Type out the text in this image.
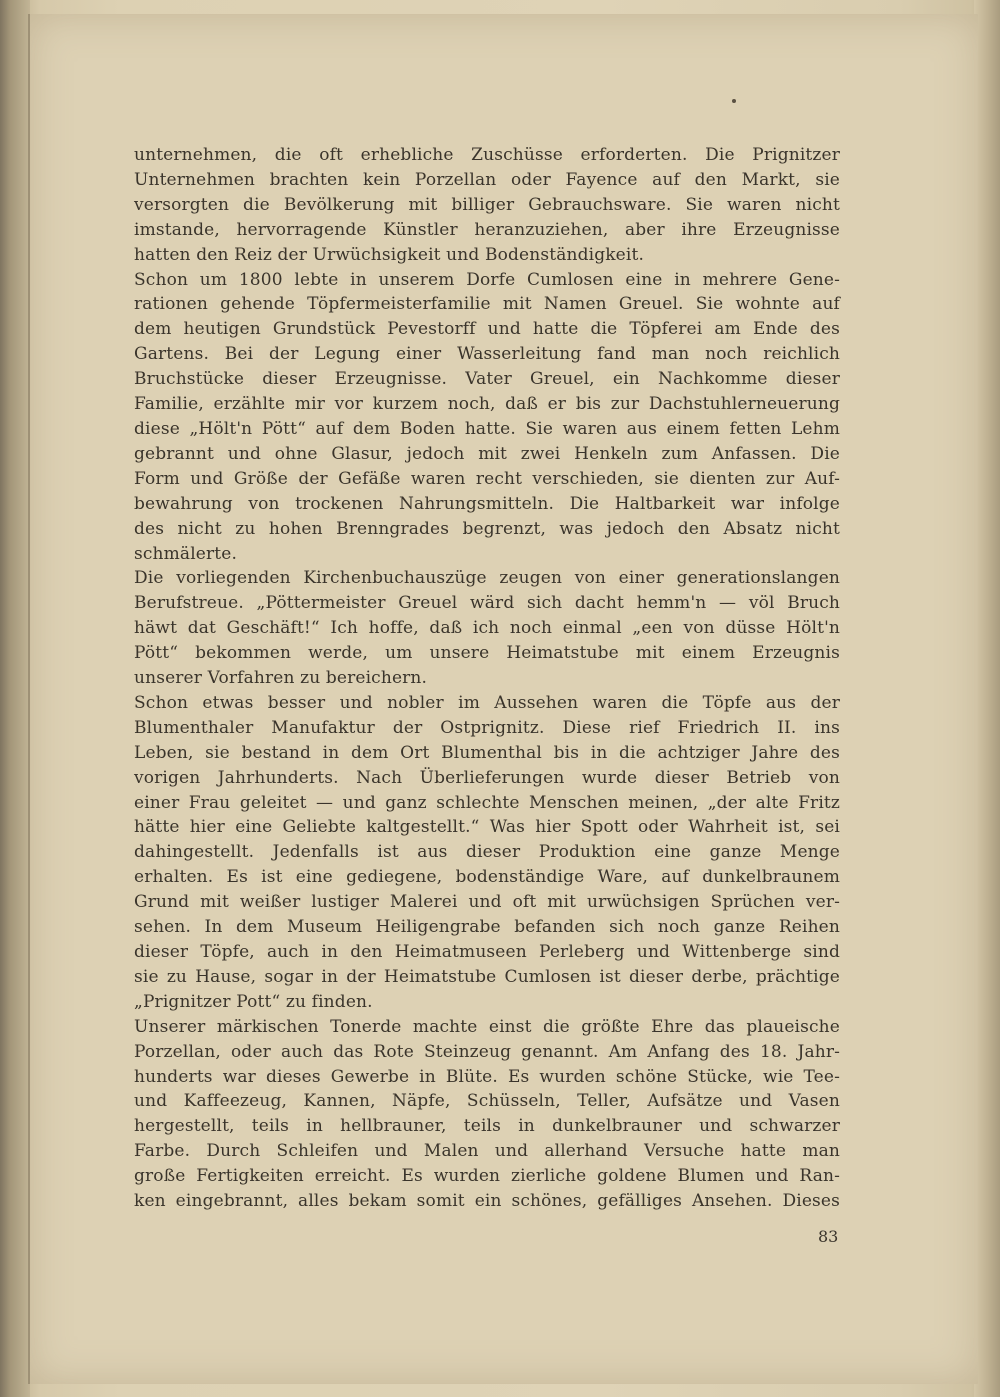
unternehmen, die oft erhebliche Zuschüsse erforderten. Die Prignitzer
Unternehmen brachten kein Porzellan oder Fayence auf den Markt, sie
versorgten die Bevölkerung mit billiger Gebrauchsware. Sie waren nicht
imstande, hervorragende Künstler heranzuziehen, aber ihre Erzeugnisse
hatten den Reiz der Urwüchsigkeit und Bodenständigkeit.
Schon um 1800 lebte in unserem Dorfe Cumlosen eine in mehrere Gene-
rationen gehende Töpfermeisterfamilie mit Namen Greuel. Sie wohnte auf
dem heutigen Grundstück Pevestorff und hatte die Töpferei am Ende des
Gartens. Bei der Legung einer Wasserleitung fand man noch reichlich
Bruchstücke dieser Erzeugnisse. Vater Greuel, ein Nachkomme dieser
Familie, erzählte mir vor kurzem noch, daß er bis zur Dachstuhlerneuerung
diese „Hölt'n Pött“ auf dem Boden hatte. Sie waren aus einem fetten Lehm
gebrannt und ohne Glasur, jedoch mit zwei Henkeln zum Anfassen. Die
Form und Größe der Gefäße waren recht verschieden, sie dienten zur Auf-
bewahrung von trockenen Nahrungsmitteln. Die Haltbarkeit war infolge
des nicht zu hohen Brenngrades begrenzt, was jedoch den Absatz nicht
schmälerte.
Die vorliegenden Kirchenbuchauszüge zeugen von einer generationslangen
Berufstreue. „Pöttermeister Greuel wärd sich dacht hemm'n — völ Bruch
häwt dat Geschäft!“ Ich hoffe, daß ich noch einmal „een von düsse Hölt'n
Pött“ bekommen werde, um unsere Heimatstube mit einem Erzeugnis
unserer Vorfahren zu bereichern.
Schon etwas besser und nobler im Aussehen waren die Töpfe aus der
Blumenthaler Manufaktur der Ostprignitz. Diese rief Friedrich II. ins
Leben, sie bestand in dem Ort Blumenthal bis in die achtziger Jahre des
vorigen Jahrhunderts. Nach Überlieferungen wurde dieser Betrieb von
einer Frau geleitet — und ganz schlechte Menschen meinen, „der alte Fritz
hätte hier eine Geliebte kaltgestellt.“ Was hier Spott oder Wahrheit ist, sei
dahingestellt. Jedenfalls ist aus dieser Produktion eine ganze Menge
erhalten. Es ist eine gediegene, bodenständige Ware, auf dunkelbraunem
Grund mit weißer lustiger Malerei und oft mit urwüchsigen Sprüchen ver-
sehen. In dem Museum Heiligengrabe befanden sich noch ganze Reihen
dieser Töpfe, auch in den Heimatmuseen Perleberg und Wittenberge sind
sie zu Hause, sogar in der Heimatstube Cumlosen ist dieser derbe, prächtige
„Prignitzer Pott“ zu finden.
Unserer märkischen Tonerde machte einst die größte Ehre das plaueische
Porzellan, oder auch das Rote Steinzeug genannt. Am Anfang des 18. Jahr-
hunderts war dieses Gewerbe in Blüte. Es wurden schöne Stücke, wie Tee-
und Kaffeezeug, Kannen, Näpfe, Schüsseln, Teller, Aufsätze und Vasen
hergestellt, teils in hellbrauner, teils in dunkelbrauner und schwarzer
Farbe. Durch Schleifen und Malen und allerhand Versuche hatte man
große Fertigkeiten erreicht. Es wurden zierliche goldene Blumen und Ran-
ken eingebrannt, alles bekam somit ein schönes, gefälliges Ansehen. Dieses
83
